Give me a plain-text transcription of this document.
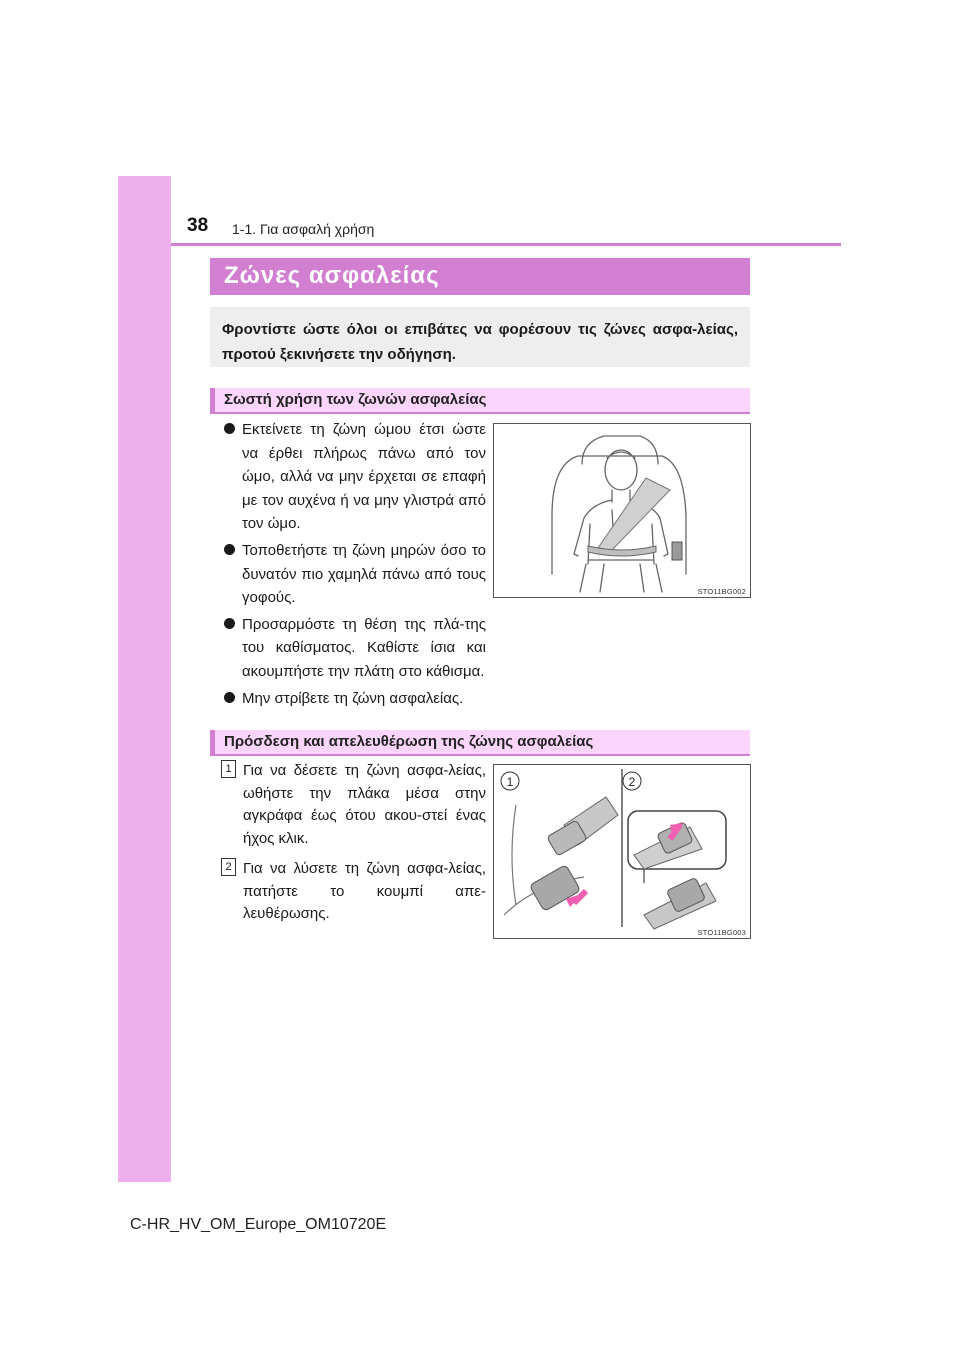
38 1-1. Για ασφαλή χρήση
Ζώνες ασφαλείας
Φροντίστε ώστε όλοι οι επιβάτες να φορέσουν τις ζώνες ασφα-λείας, προτού ξεκινήσετε την οδήγηση.
Σωστή χρήση των ζωνών ασφαλείας
Εκτείνετε τη ζώνη ώμου έτσι ώστε να έρθει πλήρως πάνω από τον ώμο, αλλά να μην έρχεται σε επαφή με τον αυχένα ή να μην γλιστρά από τον ώμο.
Τοποθετήστε τη ζώνη μηρών όσο το δυνατόν πιο χαμηλά πάνω από τους γοφούς.
Προσαρμόστε τη θέση της πλά-της του καθίσματος. Καθίστε ίσια και ακουμπήστε την πλάτη στο κάθισμα.
Μην στρίβετε τη ζώνη ασφαλείας.
STO11BG002
Πρόσδεση και απελευθέρωση της ζώνης ασφαλείας
1 Για να δέσετε τη ζώνη ασφα-λείας, ωθήστε την πλάκα μέσα στην αγκράφα έως ότου ακου-στεί ένας ήχος κλικ.
2 Για να λύσετε τη ζώνη ασφα-λείας, πατήστε το κουμπί απε-λευθέρωσης.
1	2
STO11BG003
C-HR_HV_OM_Europe_OM10720E
